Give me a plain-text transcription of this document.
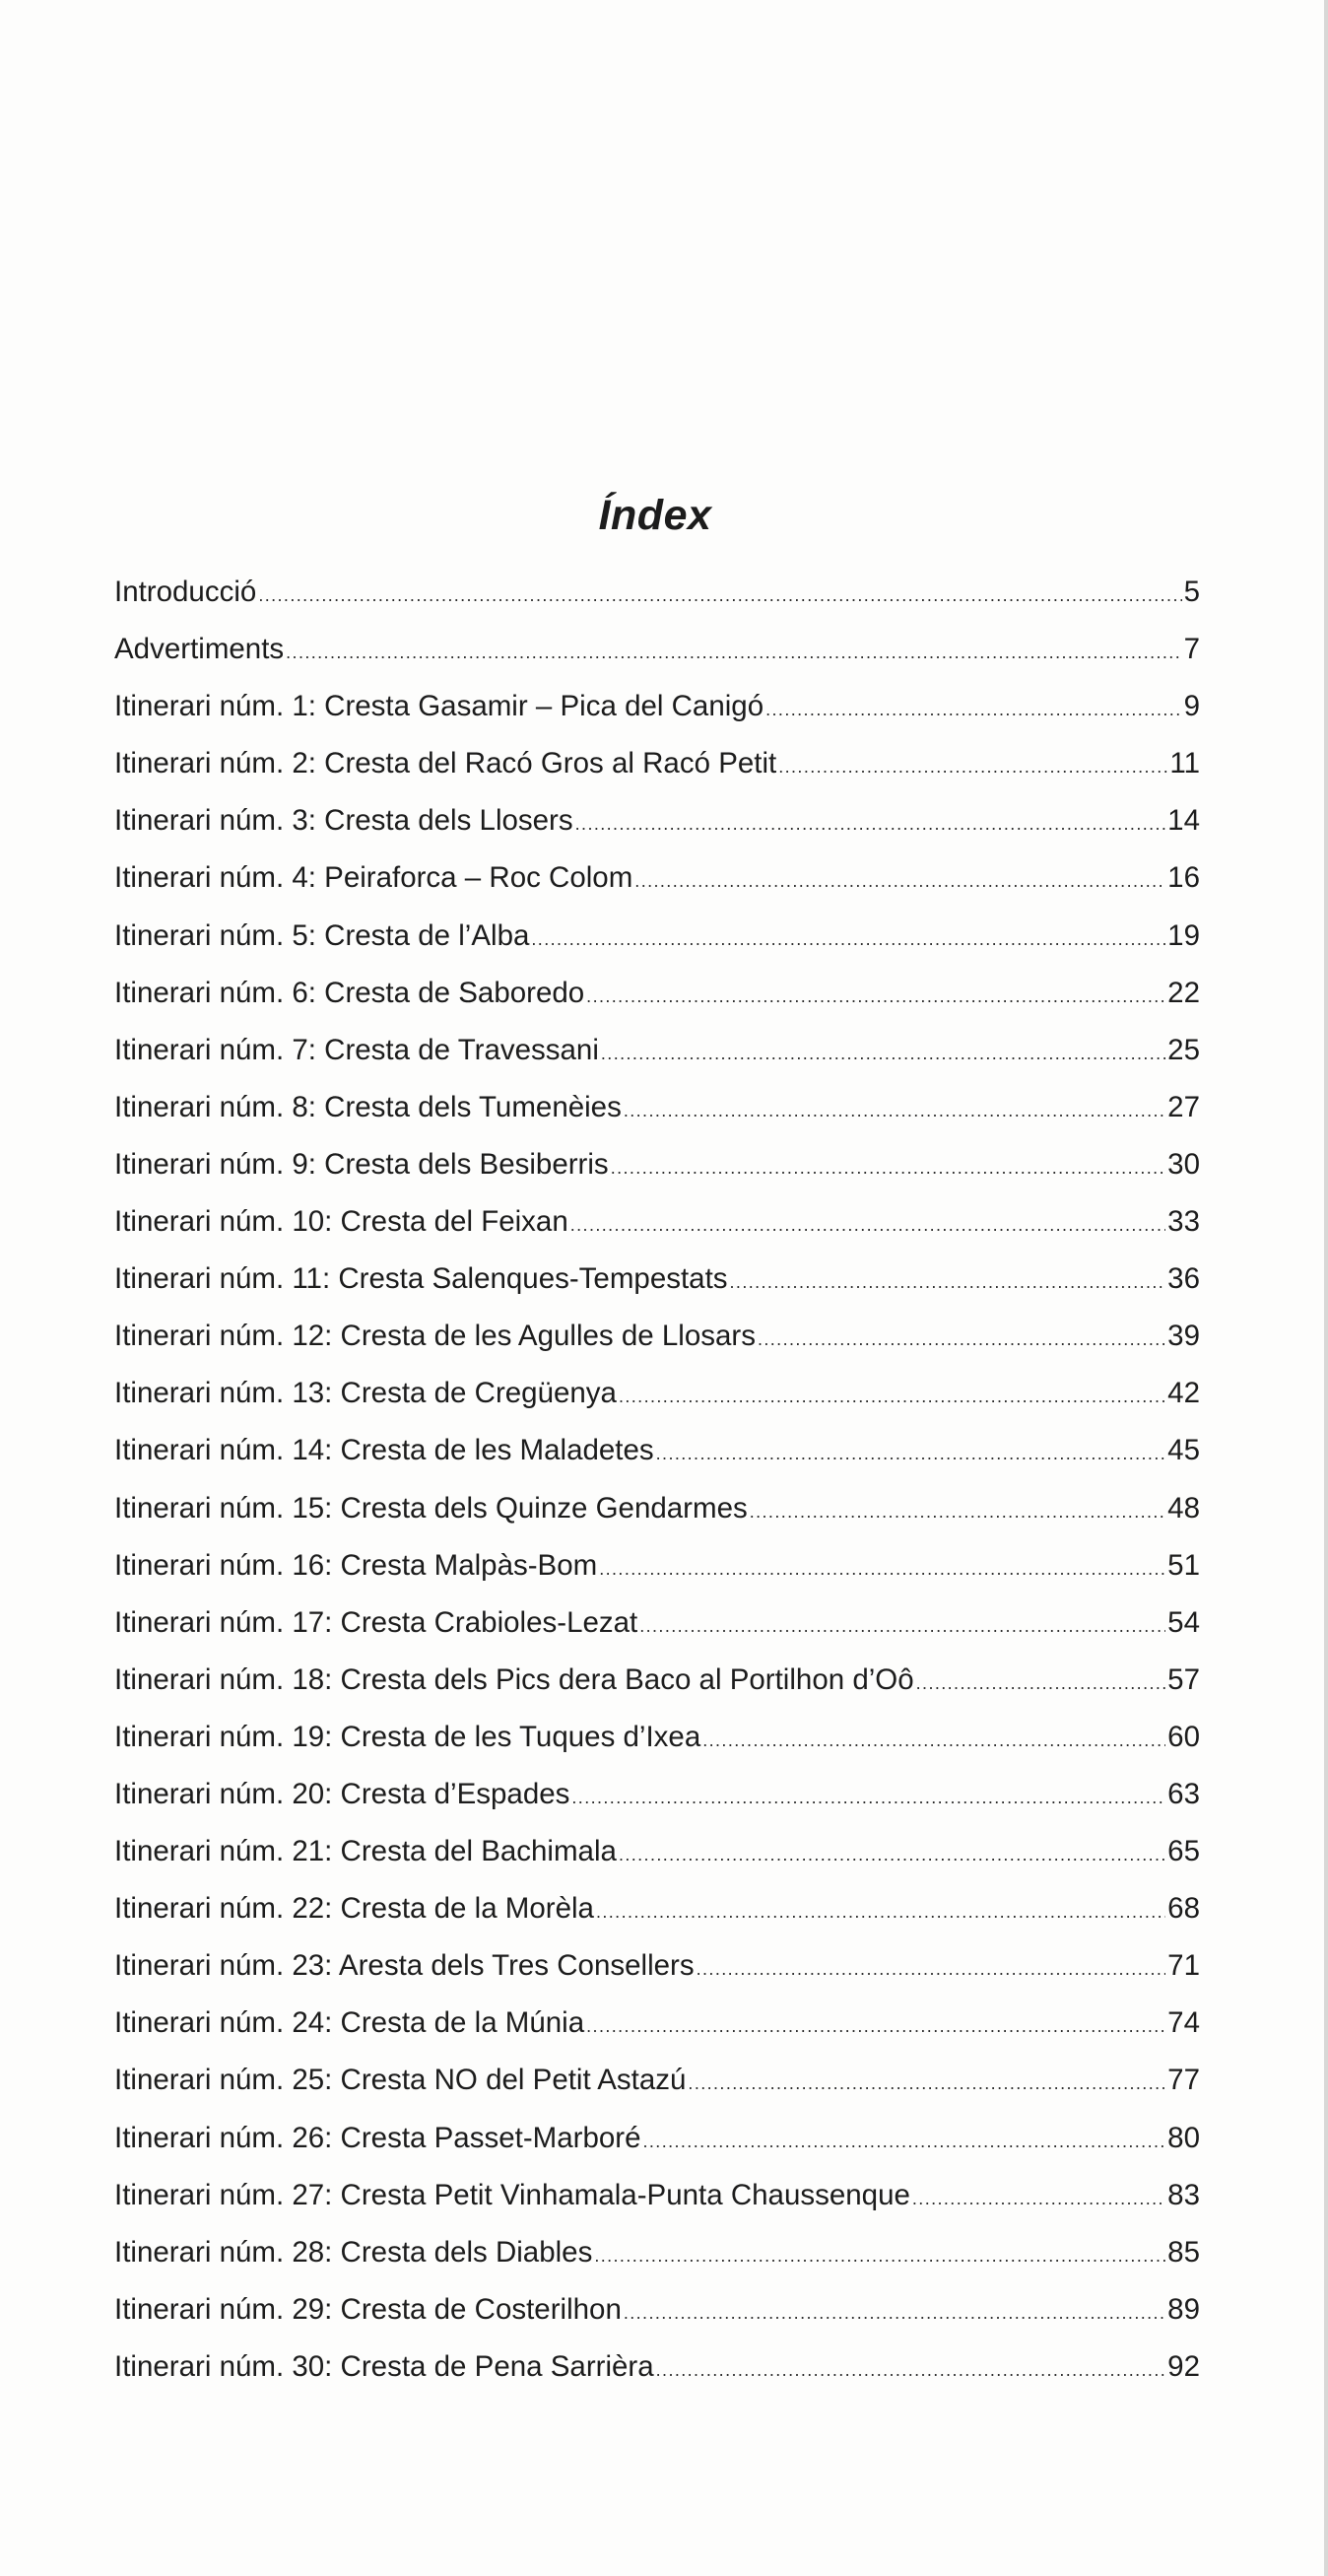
Índex
Introducció .....	5
Advertiments .....	7
Itinerari núm. 1: Cresta Gasamir – Pica del Canigó .....	9
Itinerari núm. 2: Cresta del Racó Gros al Racó Petit .....	11
Itinerari núm. 3: Cresta dels Llosers .....	14
Itinerari núm. 4: Peiraforca – Roc Colom .....	16
Itinerari núm. 5: Cresta de l’Alba .....	19
Itinerari núm. 6: Cresta de Saboredo .....	22
Itinerari núm. 7: Cresta de Travessani .....	25
Itinerari núm. 8: Cresta dels Tumenèies .....	27
Itinerari núm. 9: Cresta dels Besiberris .....	30
Itinerari núm. 10: Cresta del Feixan .....	33
Itinerari núm. 11: Cresta Salenques-Tempestats .....	36
Itinerari núm. 12: Cresta de les Agulles de Llosars .....	39
Itinerari núm. 13: Cresta de Cregüenya .....	42
Itinerari núm. 14: Cresta de les Maladetes .....	45
Itinerari núm. 15: Cresta dels Quinze Gendarmes .....	48
Itinerari núm. 16: Cresta Malpàs-Bom .....	51
Itinerari núm. 17: Cresta Crabioles-Lezat .....	54
Itinerari núm. 18: Cresta dels Pics dera Baco al Portilhon d’Oô .....	57
Itinerari núm. 19: Cresta de les Tuques d’Ixea .....	60
Itinerari núm. 20: Cresta d’Espades .....	63
Itinerari núm. 21: Cresta del Bachimala .....	65
Itinerari núm. 22: Cresta de la Morèla .....	68
Itinerari núm. 23: Aresta dels Tres Consellers .....	71
Itinerari núm. 24: Cresta de la Múnia .....	74
Itinerari núm. 25: Cresta NO del Petit Astazú .....	77
Itinerari núm. 26: Cresta Passet-Marboré .....	80
Itinerari núm. 27: Cresta Petit Vinhamala-Punta Chaussenque .....	83
Itinerari núm. 28: Cresta dels Diables .....	85
Itinerari núm. 29: Cresta de Costerilhon .....	89
Itinerari núm. 30: Cresta de Pena Sarrièra .....	92
